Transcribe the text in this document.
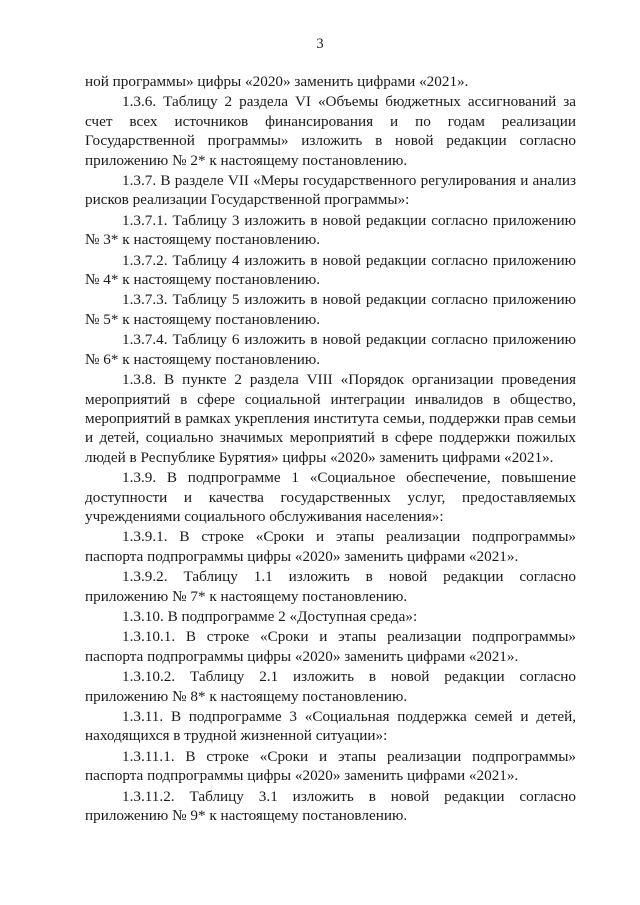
3

ной программы» цифры «2020» заменить цифрами «2021».

1.3.6. Таблицу 2 раздела VI «Объемы бюджетных ассигнований за счет всех источников финансирования и по годам реализации Государственной программы» изложить в новой редакции согласно приложению № 2* к настоящему постановлению.

1.3.7. В разделе VII «Меры государственного регулирования и анализ рисков реализации Государственной программы»:

1.3.7.1. Таблицу 3 изложить в новой редакции согласно приложению № 3* к настоящему постановлению.

1.3.7.2. Таблицу 4 изложить в новой редакции согласно приложению № 4* к настоящему постановлению.

1.3.7.3. Таблицу 5 изложить в новой редакции согласно приложению № 5* к настоящему постановлению.

1.3.7.4. Таблицу 6 изложить в новой редакции согласно приложению № 6* к настоящему постановлению.

1.3.8. В пункте 2 раздела VIII «Порядок организации проведения мероприятий в сфере социальной интеграции инвалидов в общество, мероприятий в рамках укрепления института семьи, поддержки прав семьи и детей, социально значимых мероприятий в сфере поддержки пожилых людей в Республике Бурятия» цифры «2020» заменить цифрами «2021».

1.3.9. В подпрограмме 1 «Социальное обеспечение, повышение доступности и качества государственных услуг, предоставляемых учреждениями социального обслуживания населения»:

1.3.9.1. В строке «Сроки и этапы реализации подпрограммы» паспорта подпрограммы цифры «2020» заменить цифрами «2021».

1.3.9.2. Таблицу 1.1 изложить в новой редакции согласно приложению № 7* к настоящему постановлению.

1.3.10. В подпрограмме 2 «Доступная среда»:

1.3.10.1. В строке «Сроки и этапы реализации подпрограммы» паспорта подпрограммы цифры «2020» заменить цифрами «2021».

1.3.10.2. Таблицу 2.1 изложить в новой редакции согласно приложению № 8* к настоящему постановлению.

1.3.11. В подпрограмме 3 «Социальная поддержка семей и детей, находящихся в трудной жизненной ситуации»:

1.3.11.1. В строке «Сроки и этапы реализации подпрограммы» паспорта подпрограммы цифры «2020» заменить цифрами «2021».

1.3.11.2. Таблицу 3.1 изложить в новой редакции согласно приложению № 9* к настоящему постановлению.
